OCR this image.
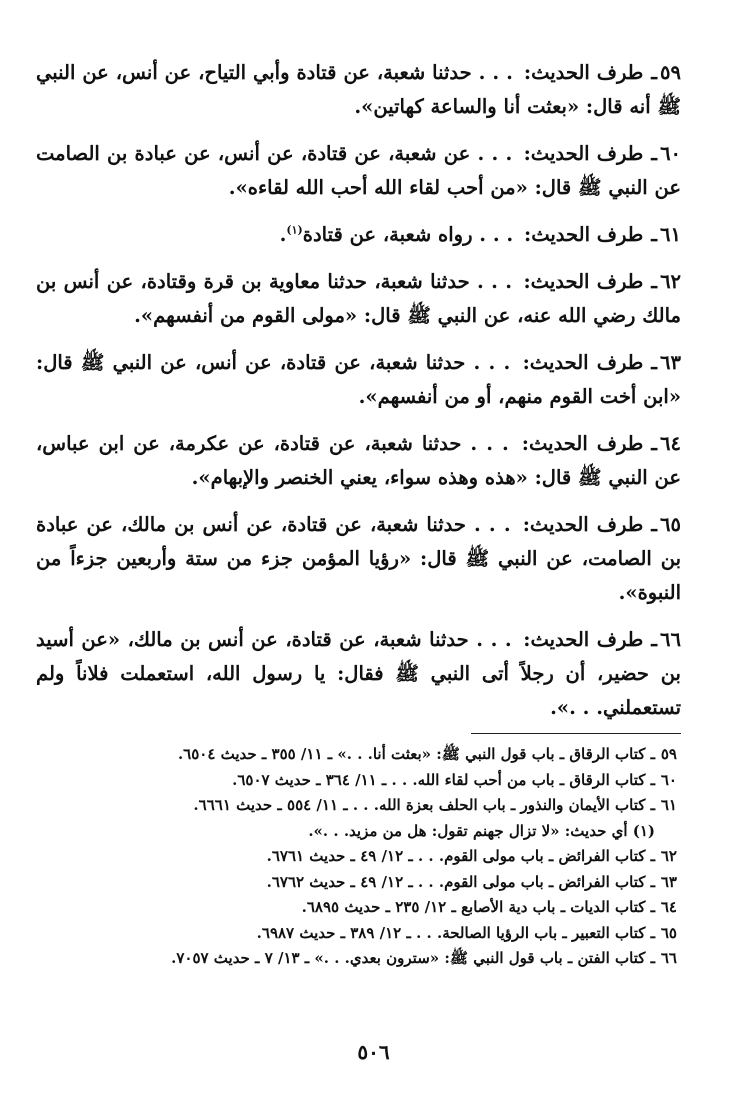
٥٩ـطرف الحديث: . . . حدثنا شعبة، عن قتادة وأبي التياح، عن أنس، عن النبي ﷺ أنه قال: «بعثت أنا والساعة كهاتين».

٦٠ـطرف الحديث: . . . عن شعبة، عن قتادة، عن أنس، عن عبادة بن الصامت عن النبي ﷺ قال: «من أحب لقاء الله أحب الله لقاءه».

٦١ـطرف الحديث: . . . رواه شعبة، عن قتادة$^{(١)}$.

٦٢ـطرف الحديث: . . . حدثنا شعبة، حدثنا معاوية بن قرة وقتادة، عن أنس بن مالك رضي الله عنه، عن النبي ﷺ قال: «مولى القوم من أنفسهم».

٦٣ـطرف الحديث: . . . حدثنا شعبة، عن قتادة، عن أنس، عن النبي ﷺ قال: «ابن أخت القوم منهم، أو من أنفسهم».

٦٤ـطرف الحديث: . . . حدثنا شعبة، عن قتادة، عن عكرمة، عن ابن عباس، عن النبي ﷺ قال: «هذه وهذه سواء، يعني الخنصر والإبهام».

٦٥ـطرف الحديث: . . . حدثنا شعبة، عن قتادة، عن أنس بن مالك، عن عبادة بن الصامت، عن النبي ﷺ قال: «رؤيا المؤمن جزء من ستة وأربعين جزءاً من النبوة».

٦٦ـطرف الحديث: . . . حدثنا شعبة، عن قتادة، عن أنس بن مالك، «عن أسيد بن حضير، أن رجلاً أتى النبي ﷺ فقال: يا رسول الله، استعملت فلاناً ولم تستعملني. . .».

٥٩ـ كتاب الرقاق ـ باب قول النبي ﷺ: «بعثت أنا. . .» ـ ١١/ ٣٥٥ ـ حديث ٦٥٠٤.
٦٠ـ كتاب الرقاق ـ باب من أحب لقاء الله. . . ـ ١١/ ٣٦٤ ـ حديث ٦٥٠٧.
٦١ـ كتاب الأيمان والنذور ـ باب الحلف بعزة الله. . . ـ ١١/ ٥٥٤ ـ حديث ٦٦٦١.
(١) أي حديث: «لا تزال جهنم تقول: هل من مزيد. . .».
٦٢ـ كتاب الفرائض ـ باب مولى القوم. . . ـ ١٢/ ٤٩ ـ حديث ٦٧٦١.
٦٣ـ كتاب الفرائض ـ باب مولى القوم. . . ـ ١٢/ ٤٩ ـ حديث ٦٧٦٢.
٦٤ـ كتاب الديات ـ باب دية الأصابع ـ ١٢/ ٢٣٥ ـ حديث ٦٨٩٥.
٦٥ـ كتاب التعبير ـ باب الرؤيا الصالحة. . . ـ ١٢/ ٣٨٩ ـ حديث ٦٩٨٧.
٦٦ـ كتاب الفتن ـ باب قول النبي ﷺ: «سترون بعدي. . .» ـ ١٣/ ٧ ـ حديث ٧٠٥٧.
٥٠٦
